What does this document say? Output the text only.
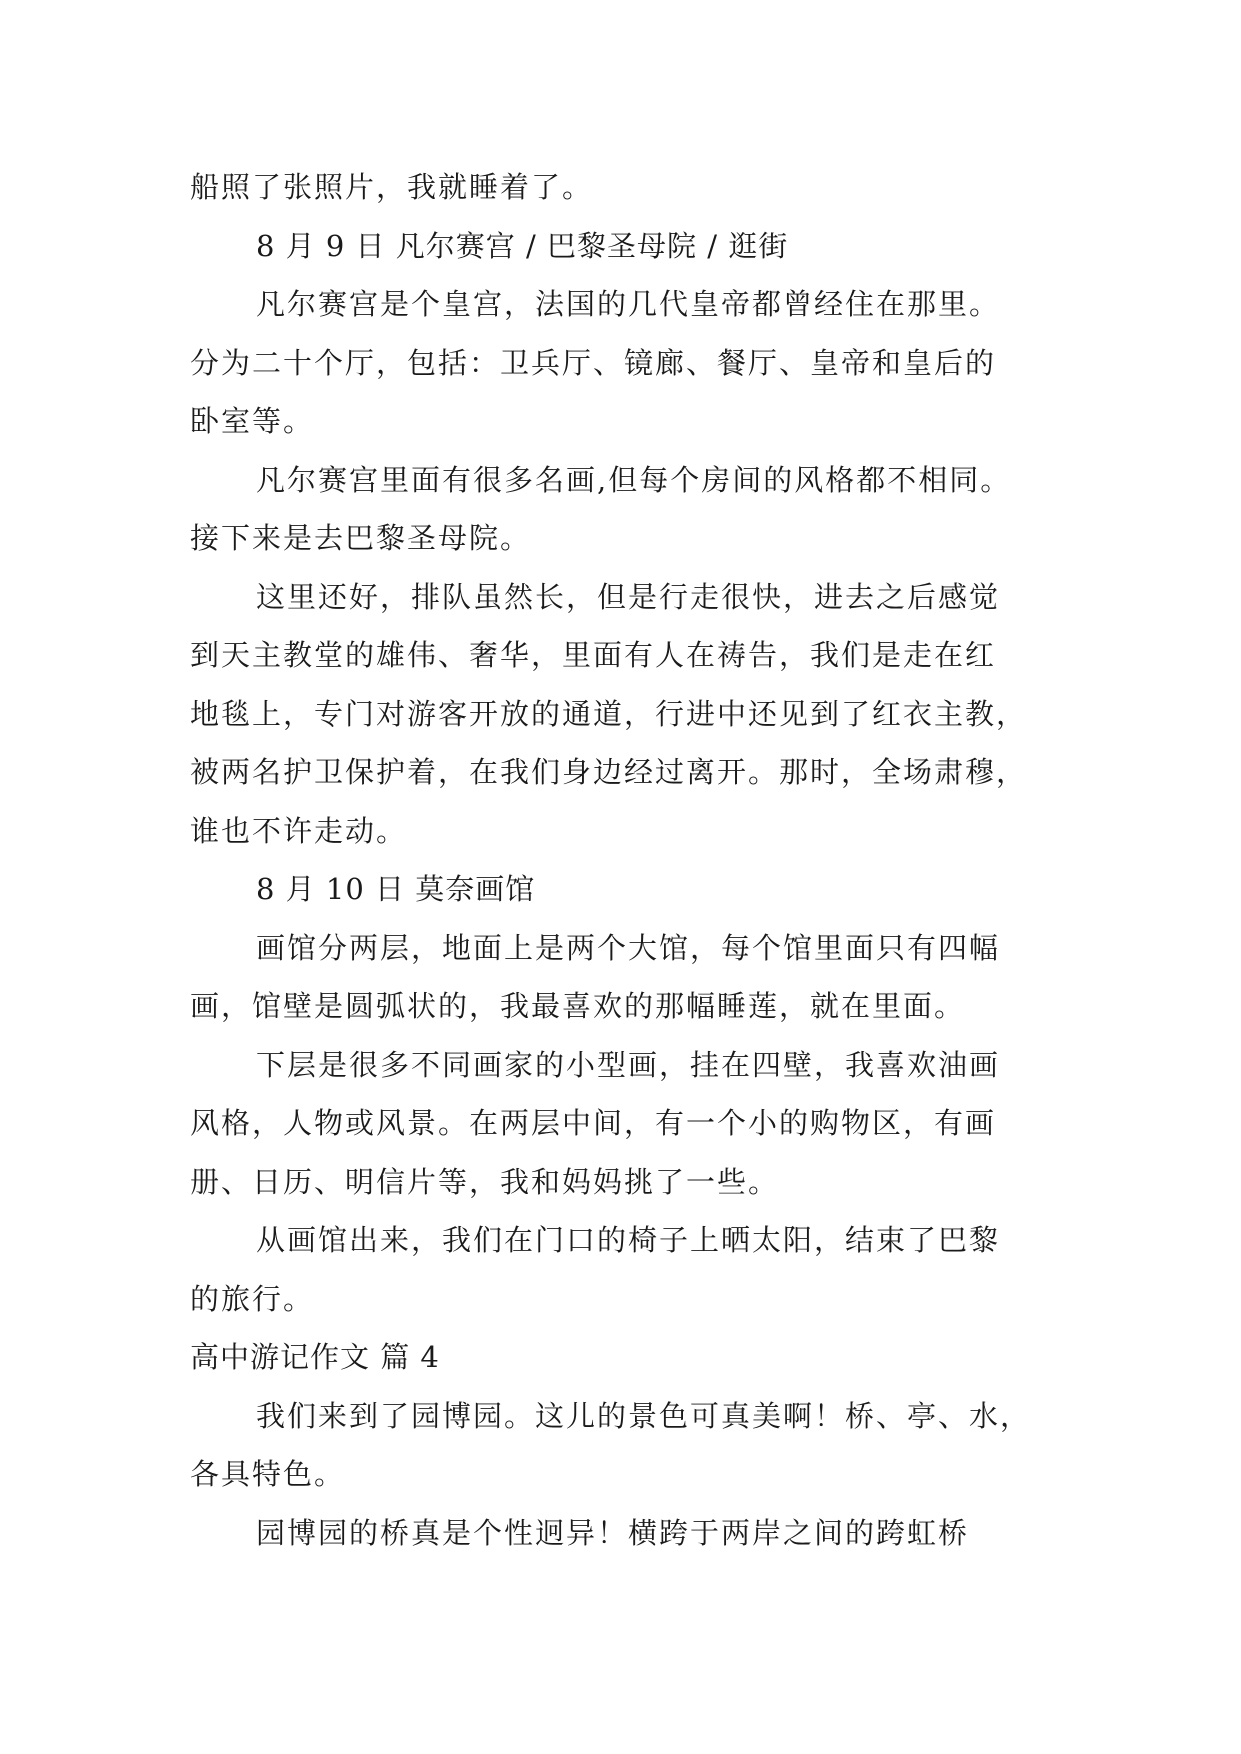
船照了张照片，我就睡着了。
8 月 9 日 凡尔赛宫 / 巴黎圣母院 / 逛街
凡尔赛宫是个皇宫，法国的几代皇帝都曾经住在那里。
分为二十个厅，包括：卫兵厅、镜廊、餐厅、皇帝和皇后的
卧室等。
凡尔赛宫里面有很多名画,但每个房间的风格都不相同。
接下来是去巴黎圣母院。
这里还好，排队虽然长，但是行走很快，进去之后感觉
到天主教堂的雄伟、奢华，里面有人在祷告，我们是走在红
地毯上，专门对游客开放的通道，行进中还见到了红衣主教，
被两名护卫保护着，在我们身边经过离开。那时，全场肃穆，
谁也不许走动。
8 月 10 日 莫奈画馆
画馆分两层，地面上是两个大馆，每个馆里面只有四幅
画，馆壁是圆弧状的，我最喜欢的那幅睡莲，就在里面。
下层是很多不同画家的小型画，挂在四壁，我喜欢油画
风格，人物或风景。在两层中间，有一个小的购物区，有画
册、日历、明信片等，我和妈妈挑了一些。
从画馆出来，我们在门口的椅子上晒太阳，结束了巴黎
的旅行。
高中游记作文 篇 4
我们来到了园博园。这儿的景色可真美啊！桥、亭、水，
各具特色。
园博园的桥真是个性迥异！横跨于两岸之间的跨虹桥
